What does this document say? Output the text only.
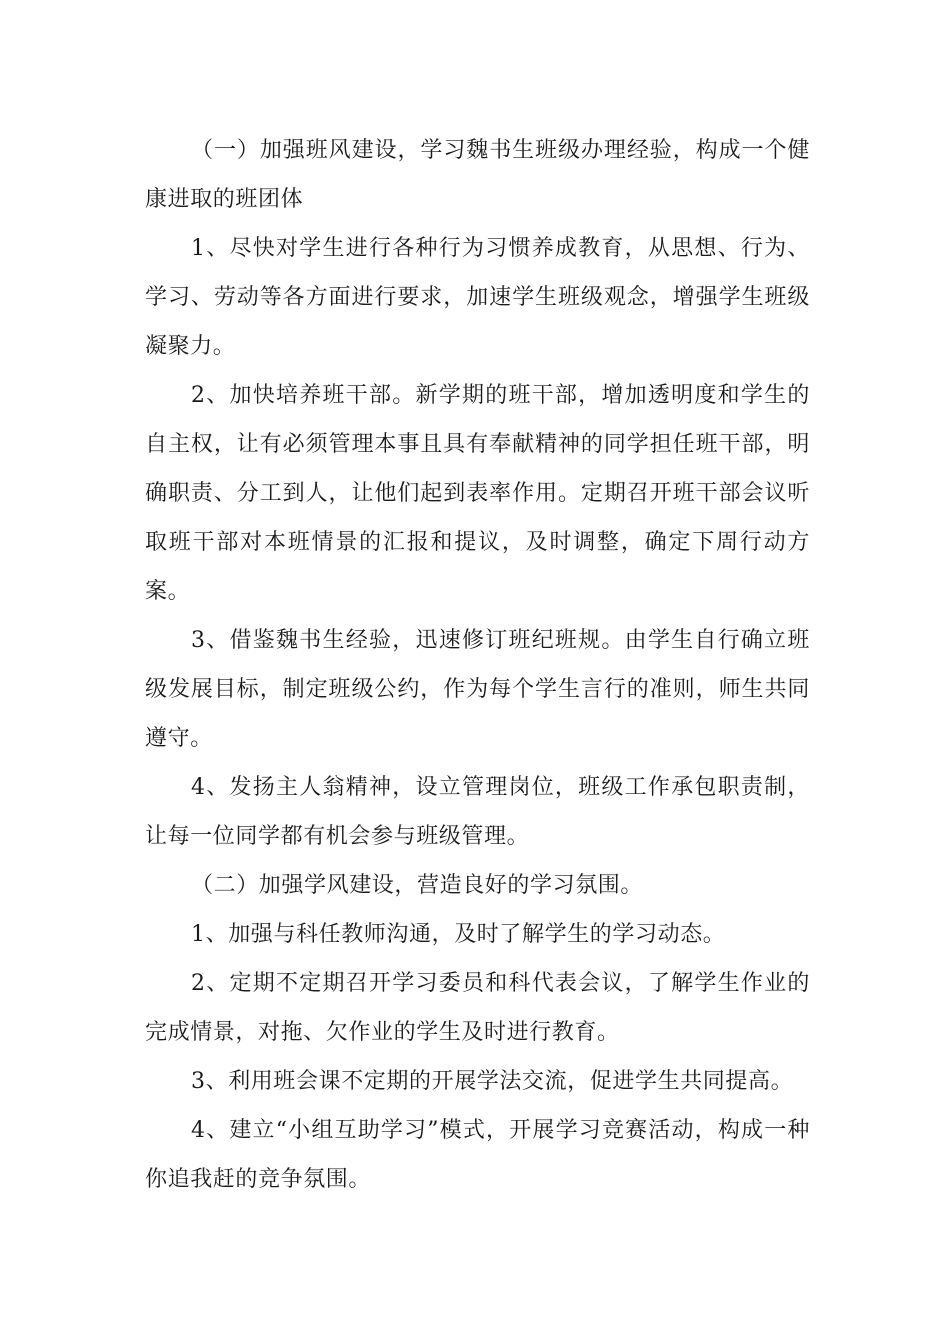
（一）加强班风建设，学习魏书生班级办理经验，构成一个健康进取的班团体

1、尽快对学生进行各种行为习惯养成教育，从思想、行为、学习、劳动等各方面进行要求，加速学生班级观念，增强学生班级凝聚力。

2、加快培养班干部。新学期的班干部，增加透明度和学生的自主权，让有必须管理本事且具有奉献精神的同学担任班干部，明确职责、分工到人，让他们起到表率作用。定期召开班干部会议听取班干部对本班情景的汇报和提议，及时调整，确定下周行动方案。

3、借鉴魏书生经验，迅速修订班纪班规。由学生自行确立班级发展目标，制定班级公约，作为每个学生言行的准则，师生共同遵守。

4、发扬主人翁精神，设立管理岗位，班级工作承包职责制，让每一位同学都有机会参与班级管理。

（二）加强学风建设，营造良好的学习氛围。

1、加强与科任教师沟通，及时了解学生的学习动态。

2、定期不定期召开学习委员和科代表会议，了解学生作业的完成情景，对拖、欠作业的学生及时进行教育。

3、利用班会课不定期的开展学法交流，促进学生共同提高。

4、建立“小组互助学习”模式，开展学习竞赛活动，构成一种你追我赶的竞争氛围。
